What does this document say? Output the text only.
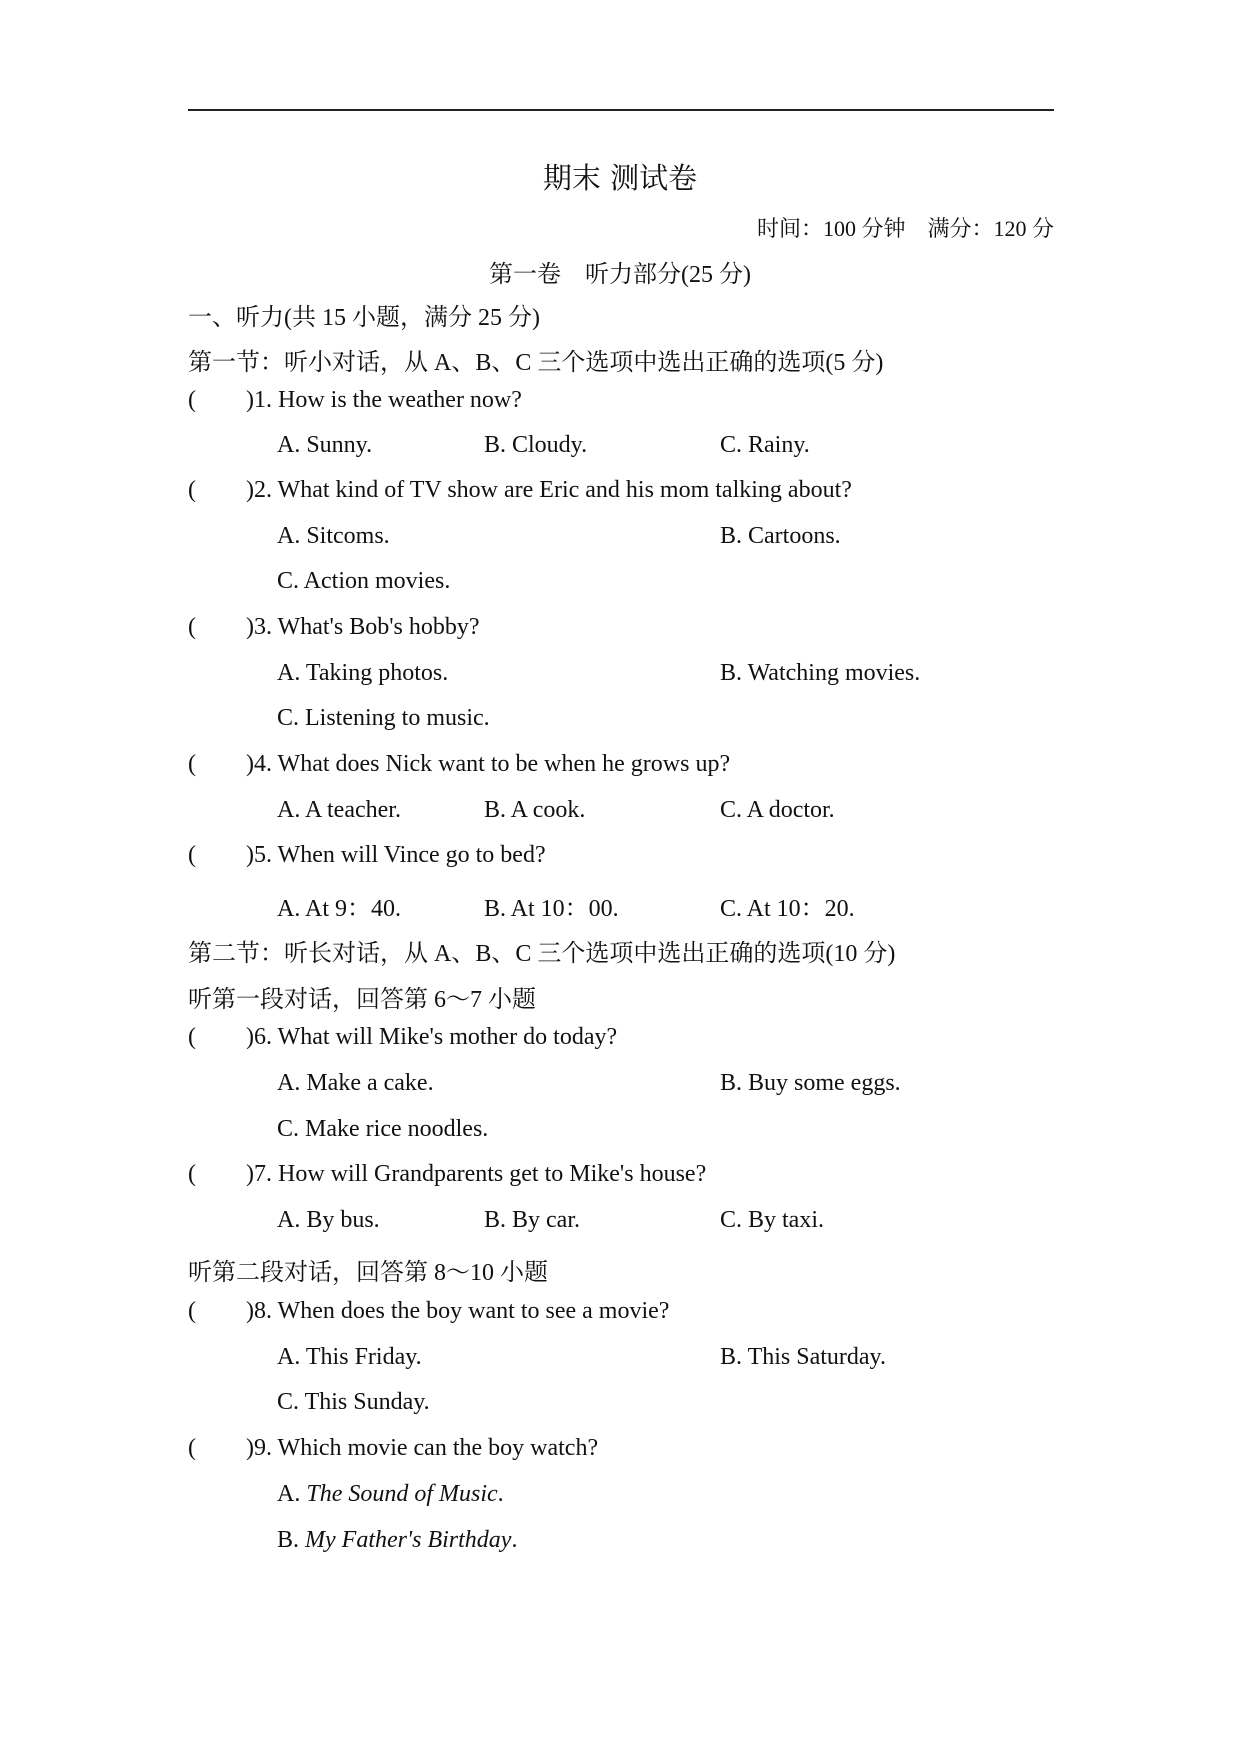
期末 测试卷
时间：100 分钟　满分：120 分
第一卷　听力部分(25 分)
一、听力(共 15 小题，满分 25 分)
第一节：听小对话，从 A、B、C 三个选项中选出正确的选项(5 分)
( )1. How is the weather now?
A. Sunny.	B. Cloudy.	C. Rainy.
( )2. What kind of TV show are Eric and his mom talking about?
A. Sitcoms.	B. Cartoons.
C. Action movies.
( )3. What's Bob's hobby?
A. Taking photos.	B. Watching movies.
C. Listening to music.
( )4. What does Nick want to be when he grows up?
A. A teacher.	B. A cook.	C. A doctor.
( )5. When will Vince go to bed?
A. At 9：40.	B. At 10：00.	C. At 10：20.
第二节：听长对话，从 A、B、C 三个选项中选出正确的选项(10 分)
听第一段对话，回答第 6～7 小题
( )6. What will Mike's mother do today?
A. Make a cake.	B. Buy some eggs.
C. Make rice noodles.
( )7. How will Grandparents get to Mike's house?
A. By bus.	B. By car.	C. By taxi.
听第二段对话，回答第 8～10 小题
( )8. When does the boy want to see a movie?
A. This Friday.	B. This Saturday.
C. This Sunday.
( )9. Which movie can the boy watch?
A. The Sound of Music.
B. My Father's Birthday.
